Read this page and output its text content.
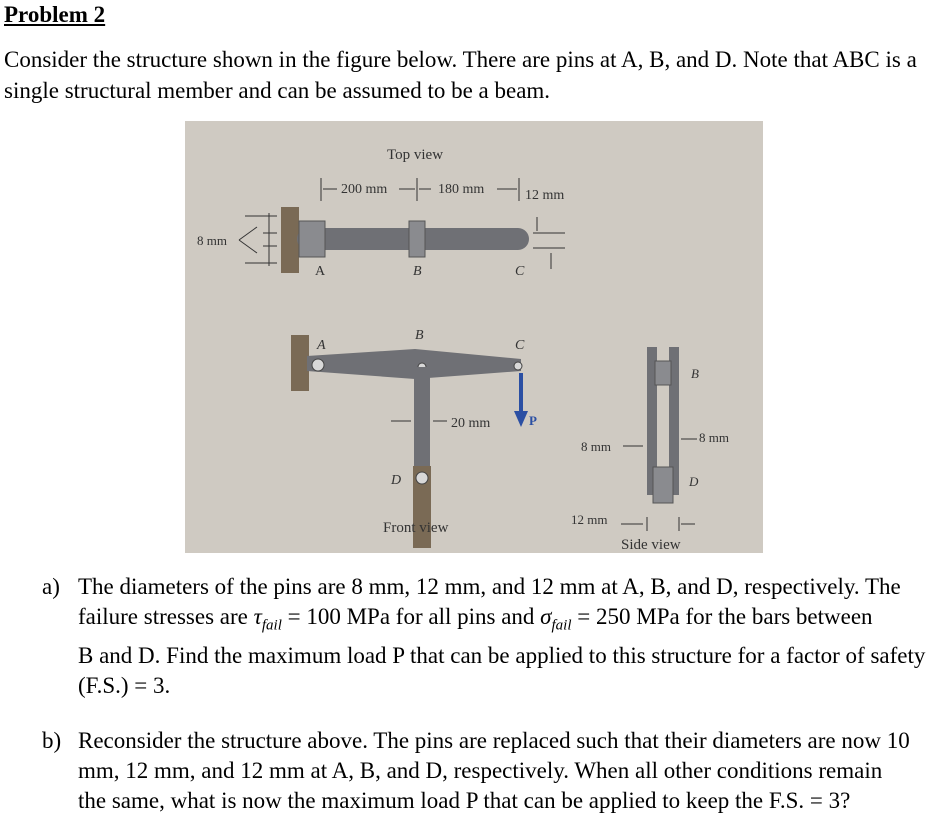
Problem 2
Consider the structure shown in the figure below. There are pins at A, B, and D. Note that ABC is a single structural member and can be assumed to be a beam.
Top view
200 mm	180 mm	12 mm
8 mm
A	B	C
A
B
C
D
20 mm	P
Front view
B
D
8 mm
8 mm
12 mm
Side view
a) The diameters of the pins are 8 mm, 12 mm, and 12 mm at A, B, and D, respectively. The
failure stresses are $\tau_{fail} = 100$ MPa for all pins and $\sigma_{fail} = 250$ MPa for the bars between
B and D. Find the maximum load P that can be applied to this structure for a factor of safety
(F.S.) = 3.
b) Reconsider the structure above. The pins are replaced such that their diameters are now 10
mm, 12 mm, and 12 mm at A, B, and D, respectively. When all other conditions remain
the same, what is now the maximum load P that can be applied to keep the F.S. = 3?
